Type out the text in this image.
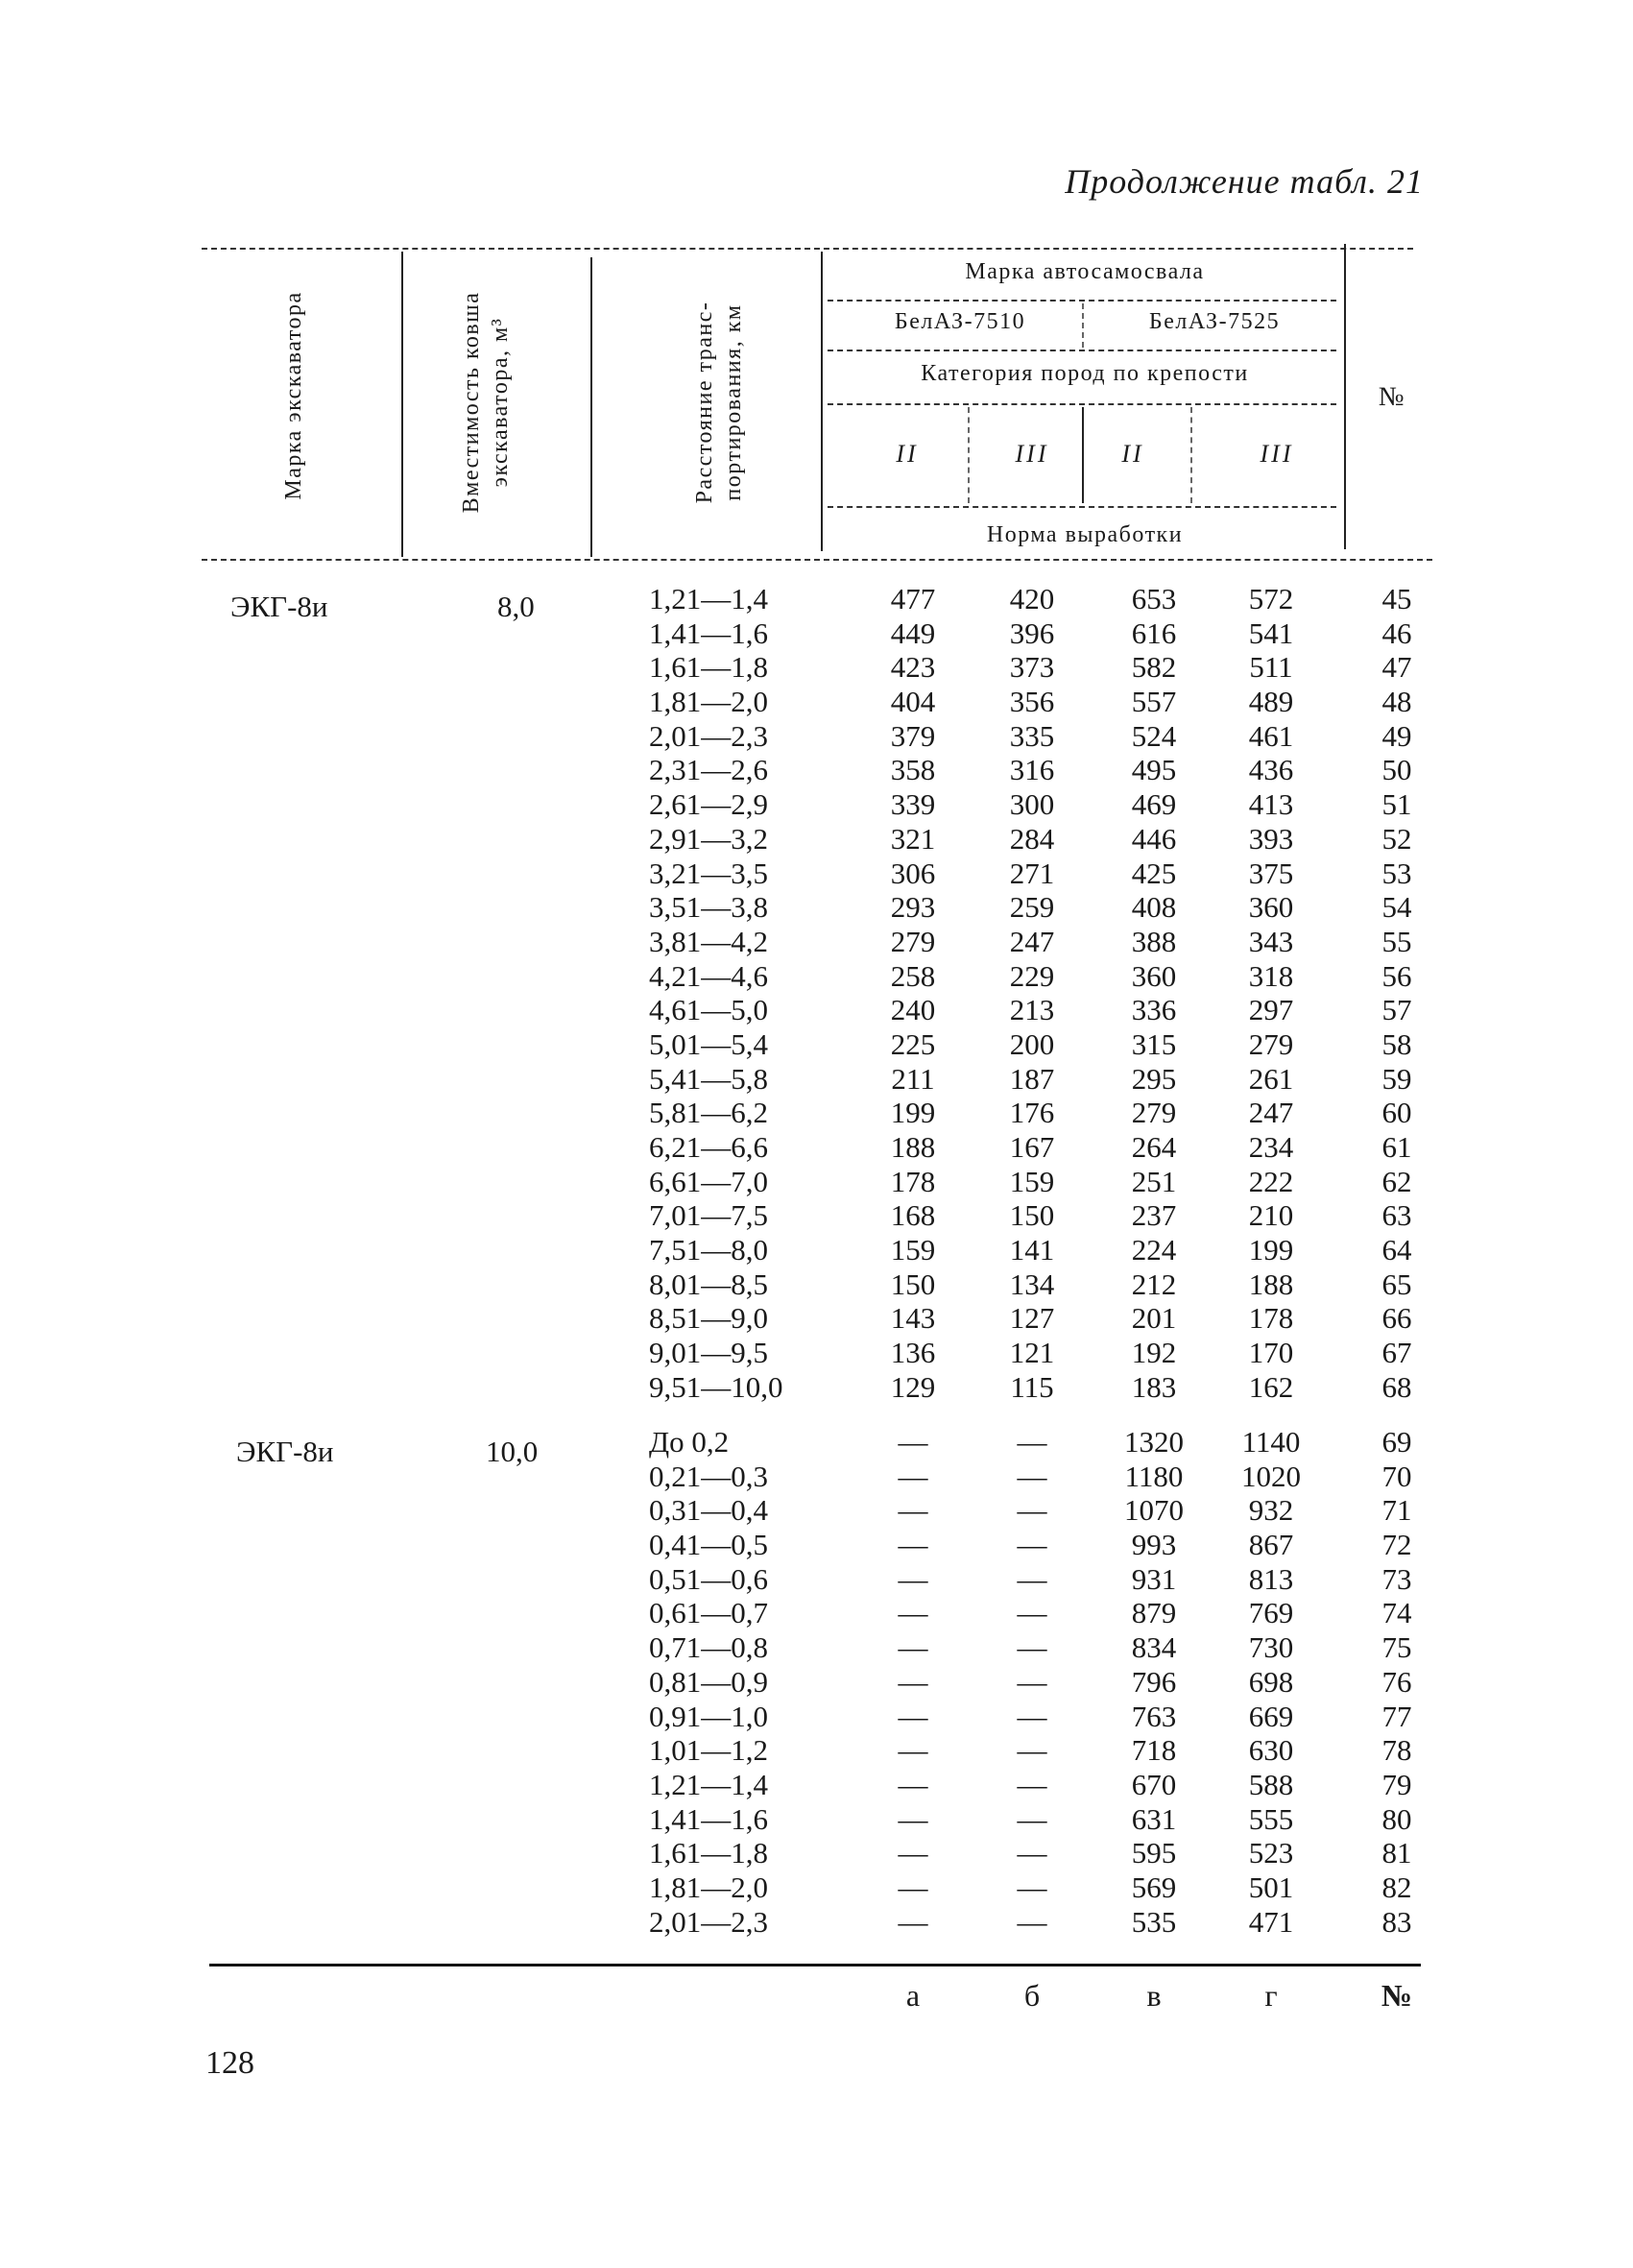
Продолжение табл. 21
Марка экскаватора	Вместимость ковша экскаватора, м³	Расстояние транс-портирования, км
Марка автосамосвала
БелАЗ-7510	БелАЗ-7525
Категория пород по крепости
II	III	II	III
Норма выработки
№
ЭКГ-8и	8,0	1,21—1,4	477	420	653	572	45
1,41—1,6	449	396	616	541	46
1,61—1,8	423	373	582	511	47
1,81—2,0	404	356	557	489	48
2,01—2,3	379	335	524	461	49
2,31—2,6	358	316	495	436	50
2,61—2,9	339	300	469	413	51
2,91—3,2	321	284	446	393	52
3,21—3,5	306	271	425	375	53
3,51—3,8	293	259	408	360	54
3,81—4,2	279	247	388	343	55
4,21—4,6	258	229	360	318	56
4,61—5,0	240	213	336	297	57
5,01—5,4	225	200	315	279	58
5,41—5,8	211	187	295	261	59
5,81—6,2	199	176	279	247	60
6,21—6,6	188	167	264	234	61
6,61—7,0	178	159	251	222	62
7,01—7,5	168	150	237	210	63
7,51—8,0	159	141	224	199	64
8,01—8,5	150	134	212	188	65
8,51—9,0	143	127	201	178	66
9,01—9,5	136	121	192	170	67
9,51—10,0	129	115	183	162	68
ЭКГ-8и	10,0	До 0,2	—	—	1320	1140	69
0,21—0,3	—	—	1180	1020	70
0,31—0,4	—	—	1070	932	71
0,41—0,5	—	—	993	867	72
0,51—0,6	—	—	931	813	73
0,61—0,7	—	—	879	769	74
0,71—0,8	—	—	834	730	75
0,81—0,9	—	—	796	698	76
0,91—1,0	—	—	763	669	77
1,01—1,2	—	—	718	630	78
1,21—1,4	—	—	670	588	79
1,41—1,6	—	—	631	555	80
1,61—1,8	—	—	595	523	81
1,81—2,0	—	—	569	501	82
2,01—2,3	—	—	535	471	83
а	б	в	г	№
128
